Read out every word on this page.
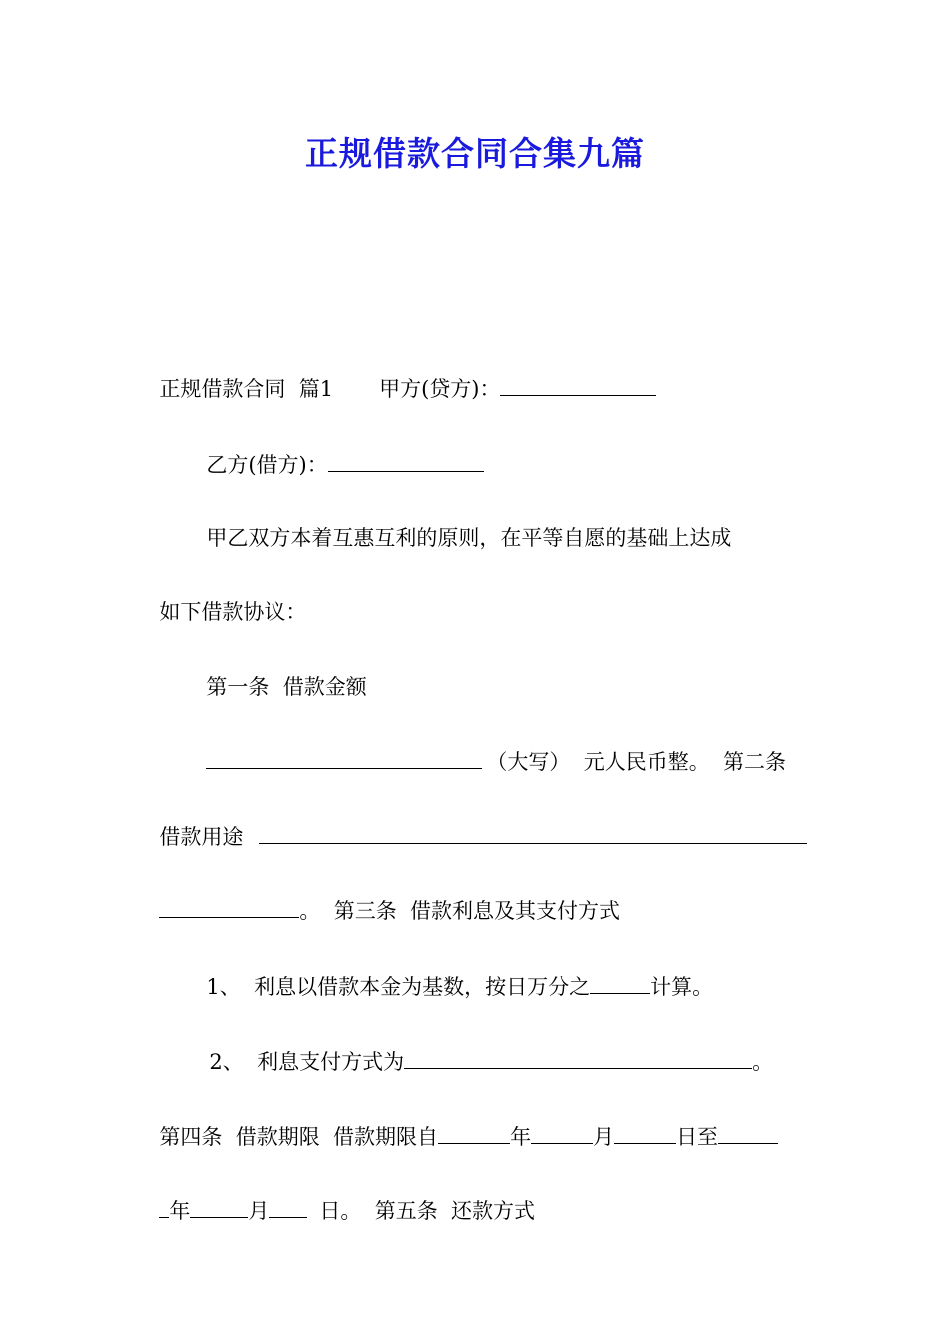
正规借款合同合集九篇

正规借款合同  篇1 甲方(贷方)：

乙方(借方)：

甲乙双方本着互惠互利的原则，在平等自愿的基础上达成

如下借款协议：

第一条  借款金额

（大写）  元人民币整。  第二条

借款用途

。  第三条  借款利息及其支付方式

1、  利息以借款本金为基数，按日万分之	计算。

2、  利息支付方式为	。

第四条  借款期限  借款期限自	年	月	日至

年	月 日。  第五条  还款方式
